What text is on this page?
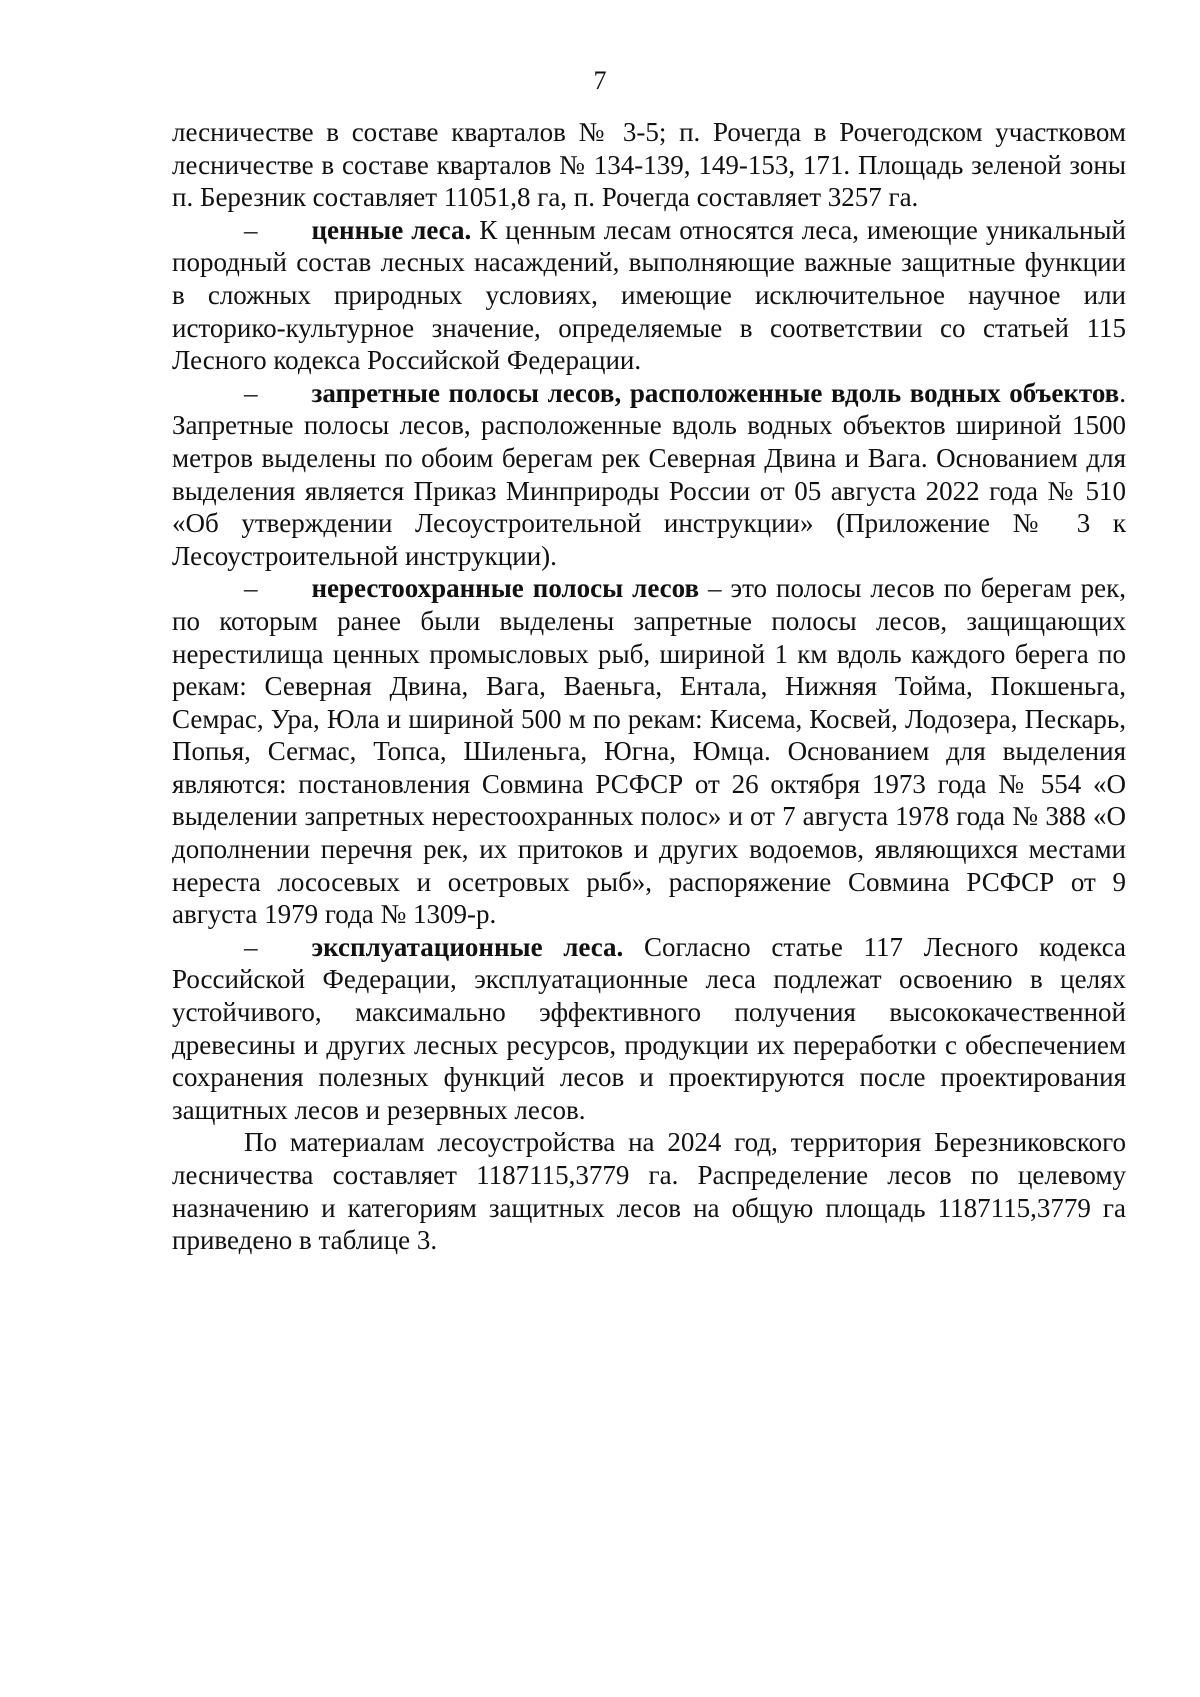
7

лесничестве в составе кварталов № 3-5; п. Рочегда в Рочегодском участковом лесничестве в составе кварталов № 134-139, 149-153, 171. Площадь зеленой зоны п. Березник составляет 11051,8 га, п. Рочегда составляет 3257 га.

–   ценные леса. К ценным лесам относятся леса, имеющие уникальный породный состав лесных насаждений, выполняющие важные защитные функции в сложных природных условиях, имеющие исключительное научное или историко-культурное значение, определяемые в соответствии со статьей 115 Лесного кодекса Российской Федерации.

–   запретные полосы лесов, расположенные вдоль водных объектов. Запретные полосы лесов, расположенные вдоль водных объектов шириной 1500 метров выделены по обоим берегам рек Северная Двина и Вага. Основанием для выделения является Приказ Минприроды России от 05 августа 2022 года № 510 «Об утверждении Лесоустроительной инструкции» (Приложение № 3 к Лесоустроительной инструкции).

–   нерестоохранные полосы лесов – это полосы лесов по берегам рек, по которым ранее были выделены запретные полосы лесов, защищающих нерестилища ценных промысловых рыб, шириной 1 км вдоль каждого берега по рекам: Северная Двина, Вага, Ваеньга, Ентала, Нижняя Тойма, Покшеньга, Семрас, Ура, Юла и шириной 500 м по рекам: Кисема, Косвей, Лодозера, Пескарь, Попья, Сегмас, Топса, Шиленьга, Югна, Юмца. Основанием для выделения являются: постановления Совмина РСФСР от 26 октября 1973 года № 554 «О выделении запретных нерестоохранных полос» и от 7 августа 1978 года № 388 «О дополнении перечня рек, их притоков и других водоемов, являющихся местами нереста лососевых и осетровых рыб», распоряжение Совмина РСФСР от 9 августа 1979 года № 1309-р.

–   эксплуатационные леса. Согласно статье 117 Лесного кодекса Российской Федерации, эксплуатационные леса подлежат освоению в целях устойчивого, максимально эффективного получения высококачественной древесины и других лесных ресурсов, продукции их переработки с обеспечением сохранения полезных функций лесов и проектируются после проектирования защитных лесов и резервных лесов.

По материалам лесоустройства на 2024 год, территория Березниковского лесничества составляет 1187115,3779 га. Распределение лесов по целевому назначению и категориям защитных лесов на общую площадь 1187115,3779 га приведено в таблице 3.
